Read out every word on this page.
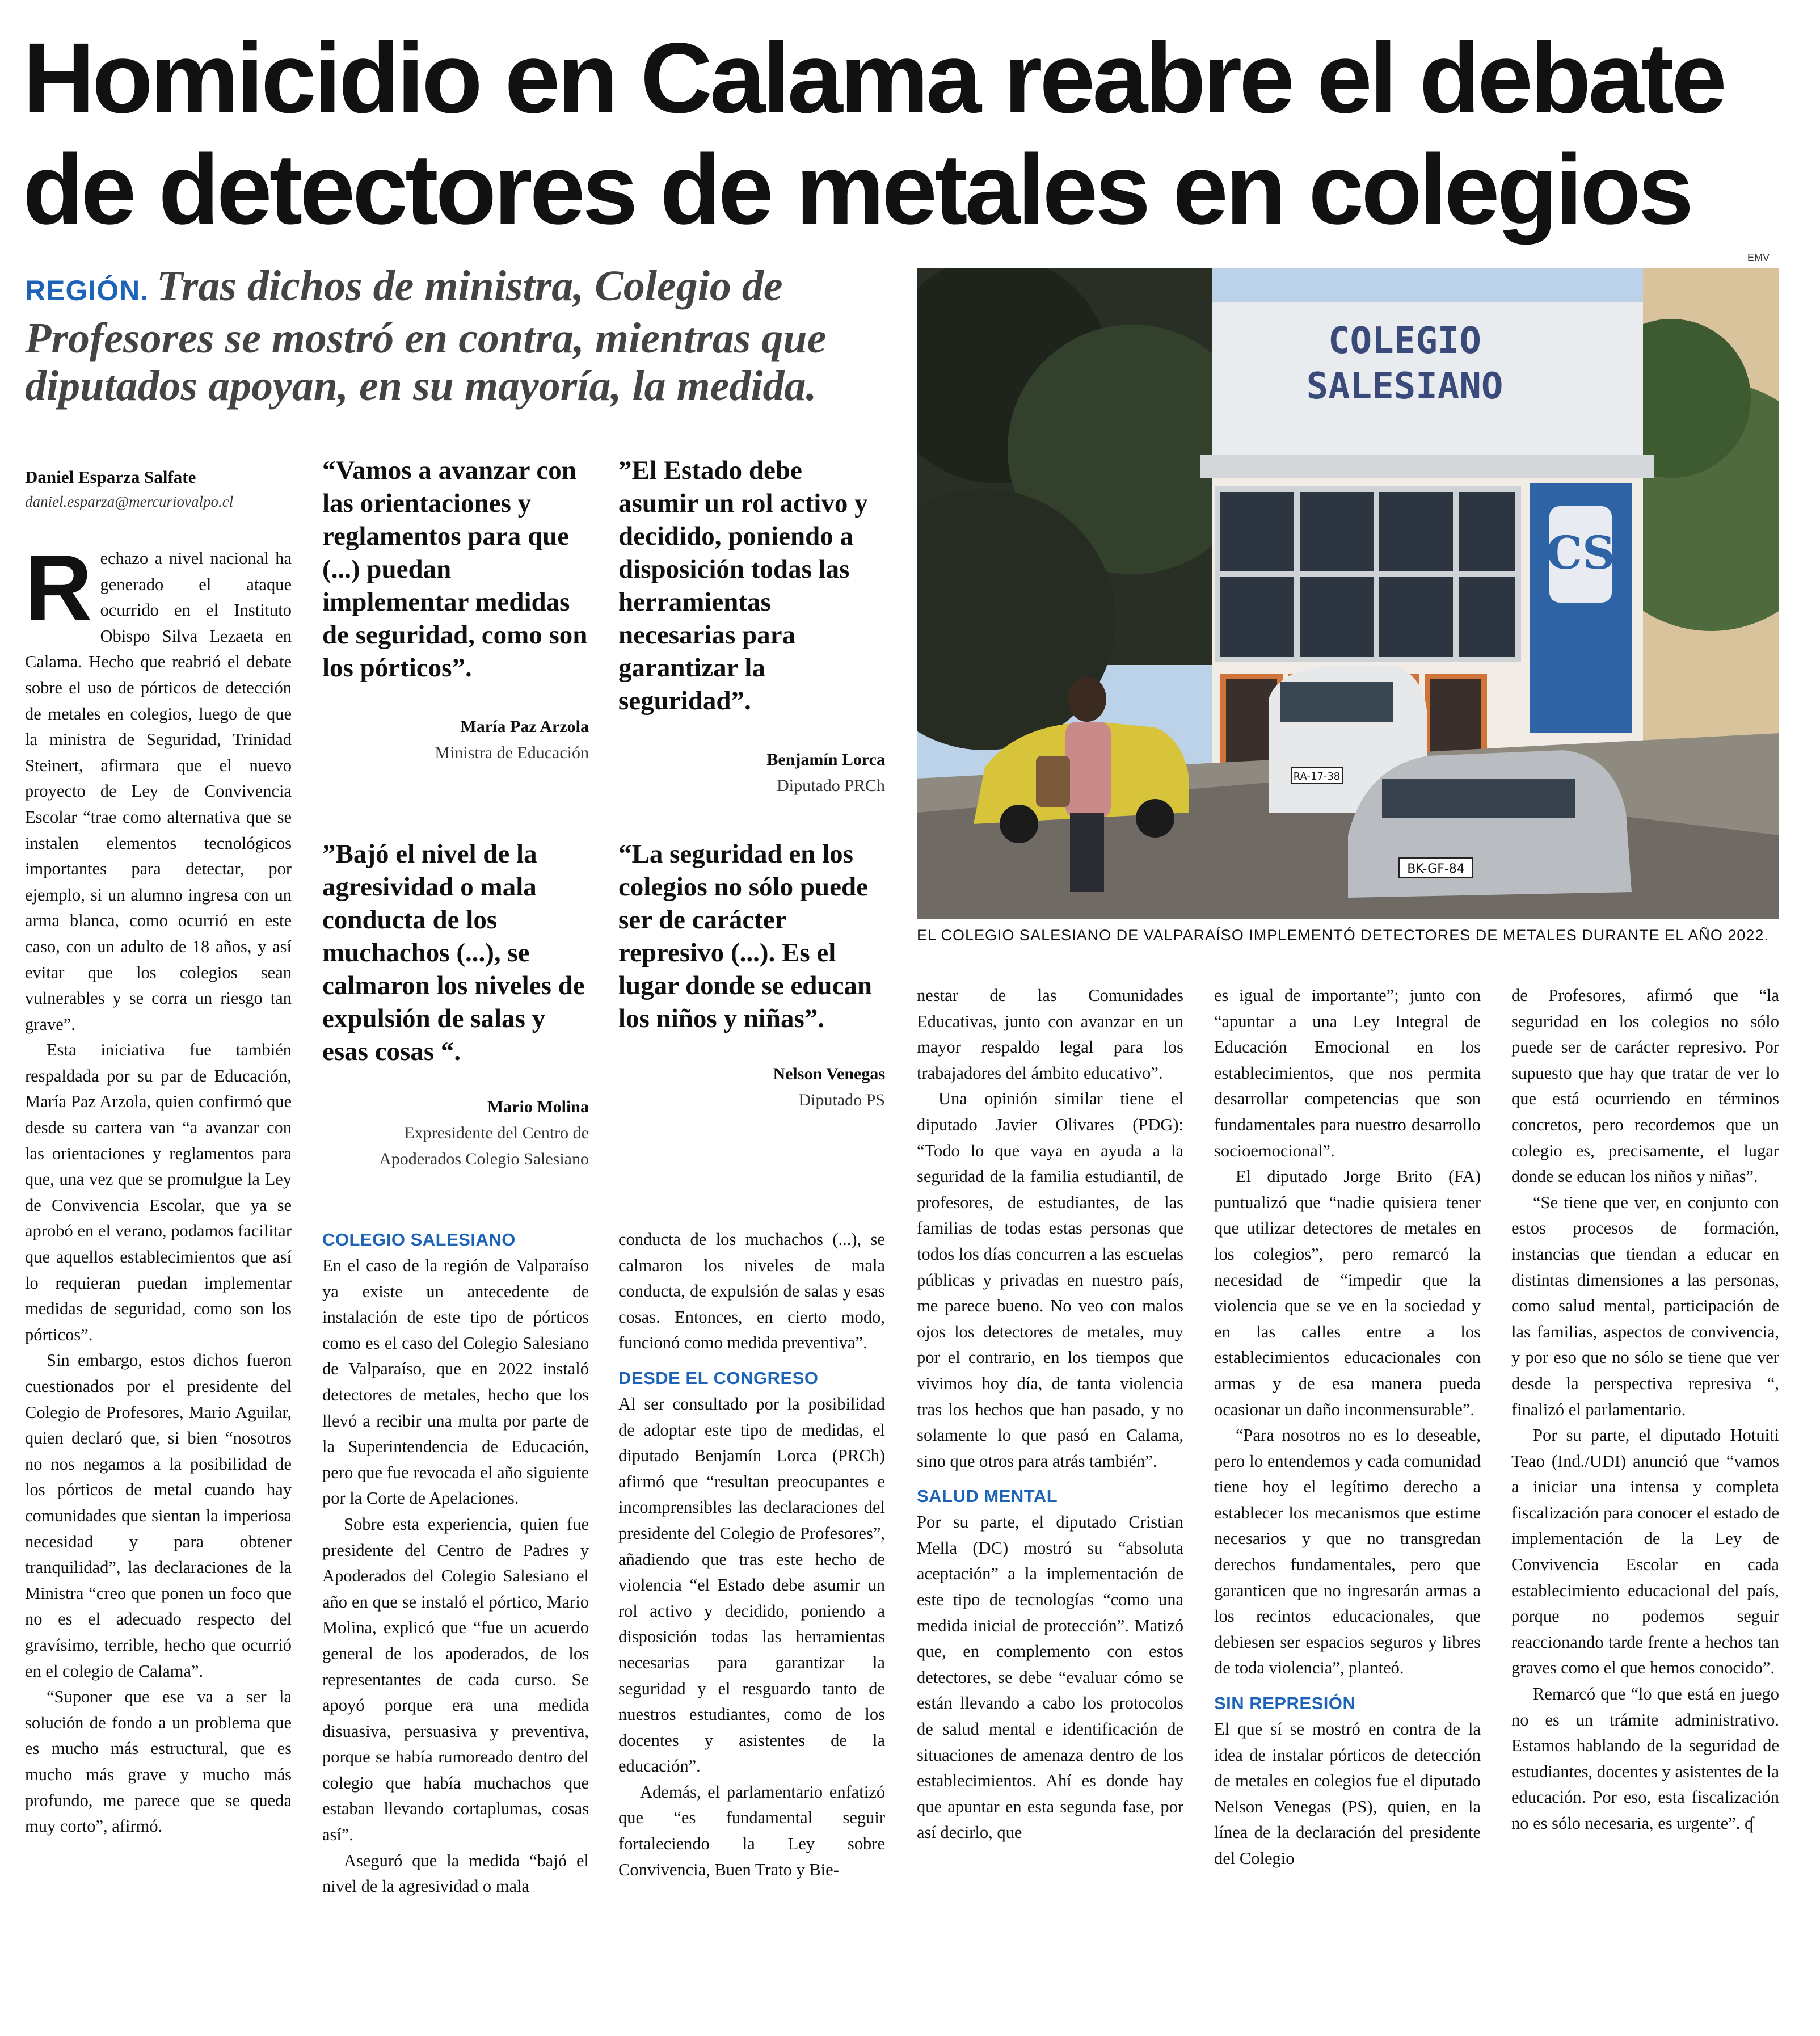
Homicidio en Calama reabre el debate
de detectores de metales en colegios
REGIÓN. Tras dichos de ministra, Colegio de Profesores se mostró en contra, mientras que diputados apoyan, en su mayoría, la medida.
Daniel Esparza Salfate
daniel.esparza@mercuriovalpo.cl

Rechazo a nivel nacional ha generado el ataque ocurrido en el Instituto Obispo Silva Lezaeta en Calama. Hecho que reabrió el debate sobre el uso de pórticos de detección de metales en colegios, luego de que la ministra de Seguridad, Trinidad Steinert, afirmara que el nuevo proyecto de Ley de Convivencia Escolar “trae como alternativa que se instalen elementos tecnológicos importantes para detectar, por ejemplo, si un alumno ingresa con un arma blanca, como ocurrió en este caso, con un adulto de 18 años, y así evitar que los colegios sean vulnerables y se corra un riesgo tan grave”.

Esta iniciativa fue también respaldada por su par de Educación, María Paz Arzola, quien confirmó que desde su cartera van “a avanzar con las orientaciones y reglamentos para que, una vez que se promulgue la Ley de Convivencia Escolar, que ya se aprobó en el verano, podamos facilitar que aquellos establecimientos que así lo requieran puedan implementar medidas de seguridad, como son los pórticos”.

Sin embargo, estos dichos fueron cuestionados por el presidente del Colegio de Profesores, Mario Aguilar, quien declaró que, si bien “nosotros no nos negamos a la posibilidad de los pórticos de metal cuando hay comunidades que sientan la imperiosa necesidad y para obtener tranquilidad”, las declaraciones de la Ministra “creo que ponen un foco que no es el adecuado respecto del gravísimo, terrible, hecho que ocurrió en el colegio de Calama”.

“Suponer que ese va a ser la solución de fondo a un problema que es mucho más estructural, que es mucho más grave y mucho más profundo, me parece que se queda muy corto”, afirmó.

“Vamos a avanzar con las orientaciones y reglamentos para que (...) puedan implementar medidas de seguridad, como son los pórticos”.
María Paz Arzola
Ministra de Educación
”El Estado debe asumir un rol activo y decidido, poniendo a disposición todas las herramientas necesarias para garantizar la seguridad”.
Benjamín Lorca
Diputado PRCh
”Bajó el nivel de la agresividad o mala conducta de los muchachos (...), se calmaron los niveles de expulsión de salas y esas cosas “.
Mario Molina
Expresidente del Centro de Apoderados Colegio Salesiano
“La seguridad en los colegios no sólo puede ser de carácter represivo (...). Es el lugar donde se educan los niños y niñas”.
Nelson Venegas
Diputado PS
COLEGIO SALESIANO

En el caso de la región de Valparaíso ya existe un antecedente de instalación de este tipo de pórticos como es el caso del Colegio Salesiano de Valparaíso, que en 2022 instaló detectores de metales, hecho que los llevó a recibir una multa por parte de la Superintendencia de Educación, pero que fue revocada el año siguiente por la Corte de Apelaciones.

Sobre esta experiencia, quien fue presidente del Centro de Padres y Apoderados del Colegio Salesiano el año en que se instaló el pórtico, Mario Molina, explicó que “fue un acuerdo general de los apoderados, de los representantes de cada curso. Se apoyó porque era una medida disuasiva, persuasiva y preventiva, porque se había rumoreado dentro del colegio que había muchachos que estaban llevando cortaplumas, cosas así”.

Aseguró que la medida “bajó el nivel de la agresividad o mala

conducta de los muchachos (...), se calmaron los niveles de mala conducta, de expulsión de salas y esas cosas. Entonces, en cierto modo, funcionó como medida preventiva”.

DESDE EL CONGRESO

Al ser consultado por la posibilidad de adoptar este tipo de medidas, el diputado Benjamín Lorca (PRCh) afirmó que “resultan preocupantes e incomprensibles las declaraciones del presidente del Colegio de Profesores”, añadiendo que tras este hecho de violencia “el Estado debe asumir un rol activo y decidido, poniendo a disposición todas las herramientas necesarias para garantizar la seguridad y el resguardo tanto de nuestros estudiantes, como de los docentes y asistentes de la educación”.

Además, el parlamentario enfatizó que “es fundamental seguir fortaleciendo la Ley sobre Convivencia, Buen Trato y Bie-

EMV
CS
COLEGIO
SALESIANO
RA-17-38
BK-GF-84
EL COLEGIO SALESIANO DE VALPARAÍSO IMPLEMENTÓ DETECTORES DE METALES DURANTE EL AÑO 2022.

nestar de las Comunidades Educativas, junto con avanzar en un mayor respaldo legal para los trabajadores del ámbito educativo”.

Una opinión similar tiene el diputado Javier Olivares (PDG): “Todo lo que vaya en ayuda a la seguridad de la familia estudiantil, de profesores, de estudiantes, de las familias de todas estas personas que todos los días concurren a las escuelas públicas y privadas en nuestro país, me parece bueno. No veo con malos ojos los detectores de metales, muy por el contrario, en los tiempos que vivimos hoy día, de tanta violencia tras los hechos que han pasado, y no solamente lo que pasó en Calama, sino que otros para atrás también”.

SALUD MENTAL

Por su parte, el diputado Cristian Mella (DC) mostró su “absoluta aceptación” a la implementación de este tipo de tecnologías “como una medida inicial de protección”. Matizó que, en complemento con estos detectores, se debe “evaluar cómo se están llevando a cabo los protocolos de salud mental e identificación de situaciones de amenaza dentro de los establecimientos. Ahí es donde hay que apuntar en esta segunda fase, por así decirlo, que

es igual de importante”; junto con “apuntar a una Ley Integral de Educación Emocional en los establecimientos, que nos permita desarrollar competencias que son fundamentales para nuestro desarrollo socioemocional”.

El diputado Jorge Brito (FA) puntualizó que “nadie quisiera tener que utilizar detectores de metales en los colegios”, pero remarcó la necesidad de “impedir que la violencia que se ve en la sociedad y en las calles entre a los establecimientos educacionales con armas y de esa manera pueda ocasionar un daño inconmensurable”.

“Para nosotros no es lo deseable, pero lo entendemos y cada comunidad tiene hoy el legítimo derecho a establecer los mecanismos que estime necesarios y que no transgredan derechos fundamentales, pero que garanticen que no ingresarán armas a los recintos educacionales, que debiesen ser espacios seguros y libres de toda violencia”, planteó.

SIN REPRESIÓN

El que sí se mostró en contra de la idea de instalar pórticos de detección de metales en colegios fue el diputado Nelson Venegas (PS), quien, en la línea de la declaración del presidente del Colegio

de Profesores, afirmó que “la seguridad en los colegios no sólo puede ser de carácter represivo. Por supuesto que hay que tratar de ver lo que está ocurriendo en términos concretos, pero recordemos que un colegio es, precisamente, el lugar donde se educan los niños y niñas”.

“Se tiene que ver, en conjunto con estos procesos de formación, instancias que tiendan a educar en distintas dimensiones a las personas, como salud mental, participación de las familias, aspectos de convivencia, y por eso que no sólo se tiene que ver desde la perspectiva represiva “, finalizó el parlamentario.

Por su parte, el diputado Hotuiti Teao (Ind./UDI) anunció que “vamos a iniciar una intensa y completa fiscalización para conocer el estado de implementación de la Ley de Convivencia Escolar en cada establecimiento educacional del país, porque no podemos seguir reaccionando tarde frente a hechos tan graves como el que hemos conocido”.

Remarcó que “lo que está en juego no es un trámite administrativo. Estamos hablando de la seguridad de estudiantes, docentes y asistentes de la educación. Por eso, esta fiscalización no es sólo necesaria, es urgente”. ʠ
